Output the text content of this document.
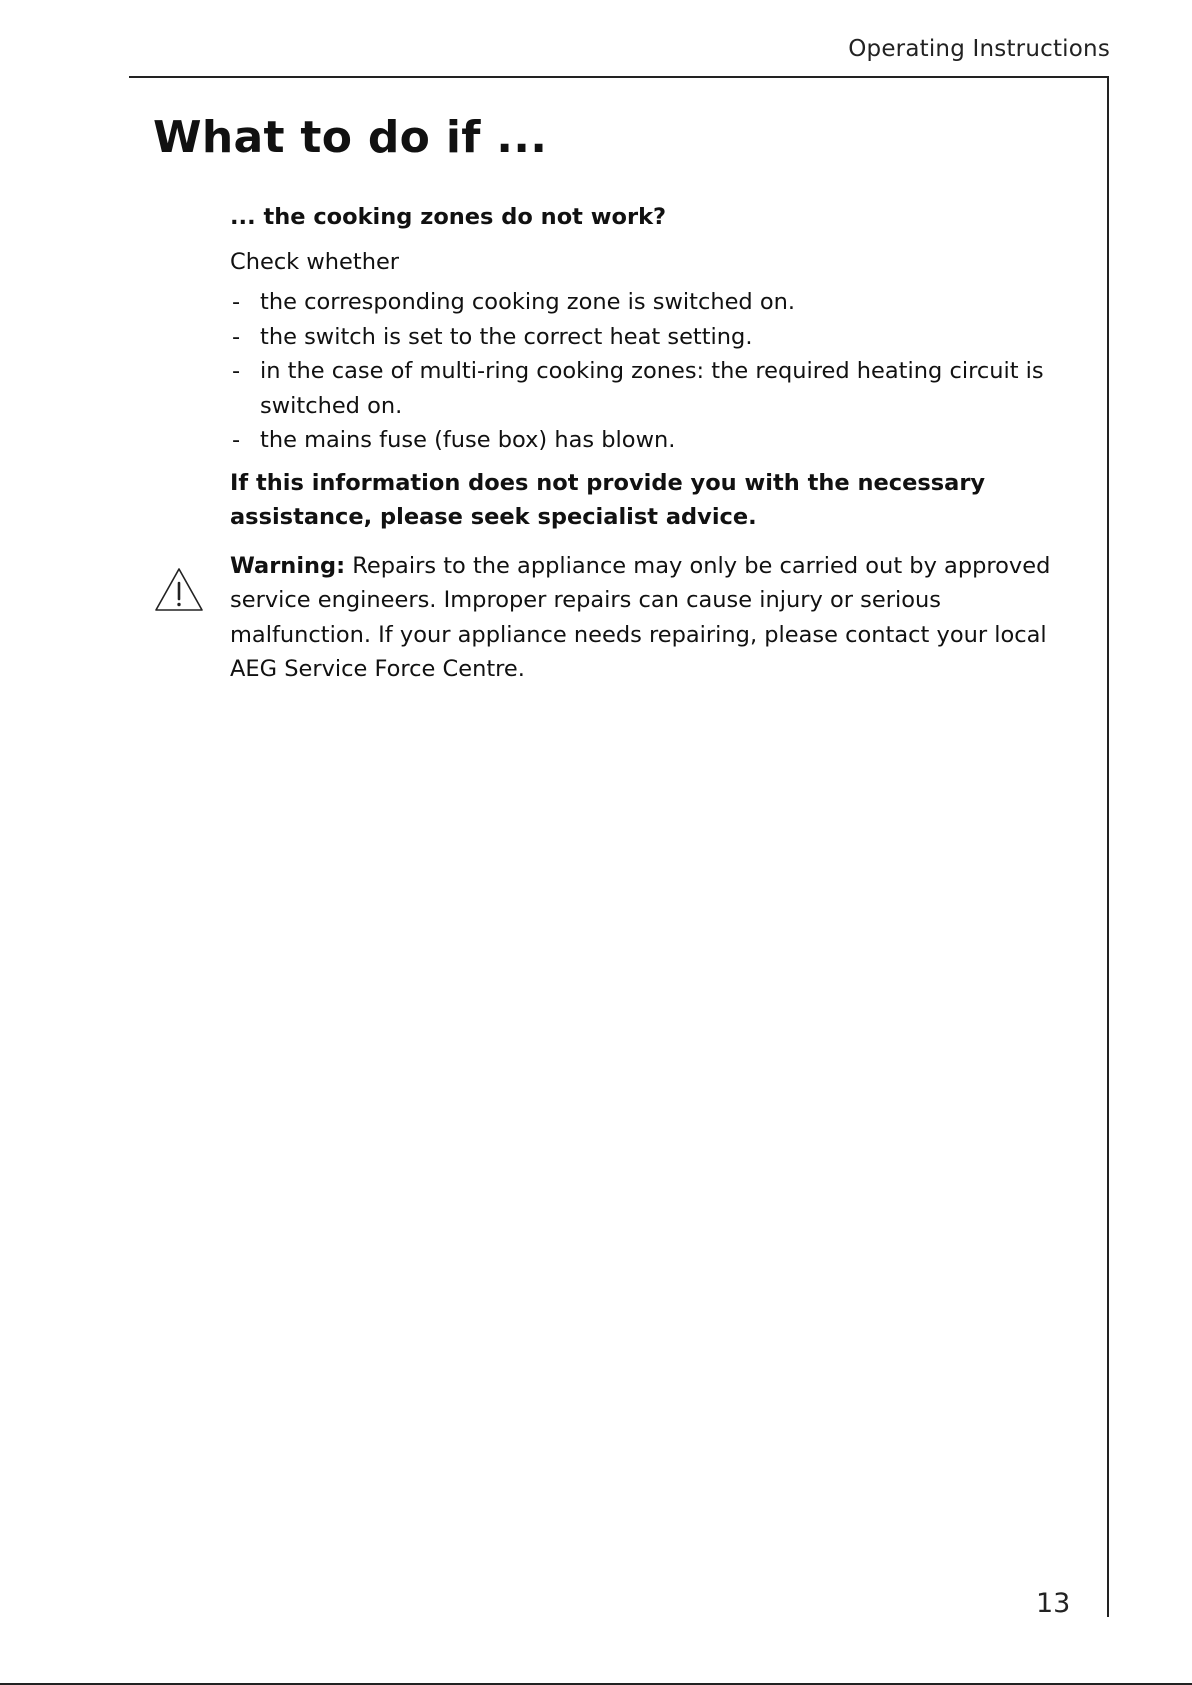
Operating Instructions
What to do if ...

... the cooking zones do not work?

Check whether

- the corresponding cooking zone is switched on.
- the switch is set to the correct heat setting.
- in the case of multi-ring cooking zones: the required heating circuit is switched on.
- the mains fuse (fuse box) has blown.

If this information does not provide you with the necessary assistance, please seek specialist advice.

Warning: Repairs to the appliance may only be carried out by approved service engineers. Improper repairs can cause injury or serious malfunction. If your appliance needs repairing, please contact your local AEG Service Force Centre.

13
